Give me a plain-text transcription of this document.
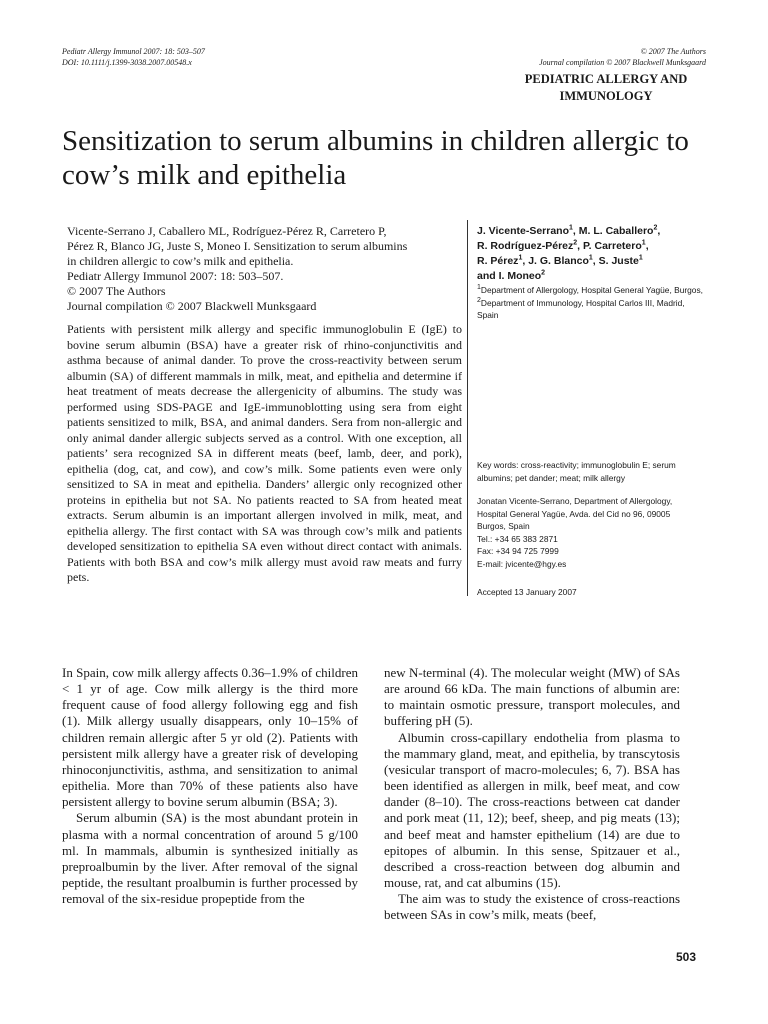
Pediatr Allergy Immunol 2007: 18: 503–507
DOI: 10.1111/j.1399-3038.2007.00548.x
© 2007 The Authors
Journal compilation © 2007 Blackwell Munksgaard
PEDIATRIC ALLERGY AND IMMUNOLOGY
Sensitization to serum albumins in children allergic to cow’s milk and epithelia
Vicente-Serrano J, Caballero ML, Rodríguez-Pérez R, Carretero P,
Pérez R, Blanco JG, Juste S, Moneo I. Sensitization to serum albumins
in children allergic to cow’s milk and epithelia.
Pediatr Allergy Immunol 2007: 18: 503–507.
© 2007 The Authors
Journal compilation © 2007 Blackwell Munksgaard

Patients with persistent milk allergy and specific immunoglobulin E (IgE) to bovine serum albumin (BSA) have a greater risk of rhino-conjunctivitis and asthma because of animal dander. To prove the cross-reactivity between serum albumin (SA) of different mammals in milk, meat, and epithelia and determine if heat treatment of meats decrease the allergenicity of albumins. The study was performed using SDS-PAGE and IgE-immunoblotting using sera from eight patients sensitized to milk, BSA, and animal danders. Sera from non-allergic and only animal dander allergic subjects served as a control. With one exception, all patients’ sera recognized SA in different meats (beef, lamb, deer, and pork), epithelia (dog, cat, and cow), and cow’s milk. Some patients even were only sensitized to SA in meat and epithelia. Danders’ allergic only recognized other proteins in epithelia but not SA. No patients reacted to SA from heated meat extracts. Serum albumin is an important allergen involved in milk, meat, and epithelia allergy. The first contact with SA was through cow’s milk and patients developed sensitization to epithelia SA even without direct contact with animals. Patients with both BSA and cow’s milk allergy must avoid raw meats and furry pets.

J. Vicente-Serrano$^1$, M. L. Caballero$^2$,
R. Rodríguez-Pérez$^2$, P. Carretero$^1$,
R. Pérez$^1$, J. G. Blanco$^1$, S. Juste$^1$
and I. Moneo$^2$
$^1$Department of Allergology, Hospital General Yagüe, Burgos, $^2$Department of Immunology, Hospital Carlos III, Madrid, Spain
Key words: cross-reactivity; immunoglobulin E; serum albumins; pet dander; meat; milk allergy
Jonatan Vicente-Serrano, Department of Allergology,
Hospital General Yagüe, Avda. del Cid no 96, 09005
Burgos, Spain
Tel.: +34 65 383 2871
Fax: +34 94 725 7999
E-mail: jvicente@hgy.es
Accepted 13 January 2007

In Spain, cow milk allergy affects 0.36–1.9% of children < 1 yr of age. Cow milk allergy is the third more frequent cause of food allergy following egg and fish (1). Milk allergy usually disappears, only 10–15% of children remain allergic after 5 yr old (2). Patients with persistent milk allergy have a greater risk of developing rhinoconjunctivitis, asthma, and sensitization to animal epithelia. More than 70% of these patients also have persistent allergy to bovine serum albumin (BSA; 3).

Serum albumin (SA) is the most abundant protein in plasma with a normal concentration of around 5 g/100 ml. In mammals, albumin is synthesized initially as preproalbumin by the liver. After removal of the signal peptide, the resultant proalbumin is further processed by removal of the six-residue propeptide from the

new N-terminal (4). The molecular weight (MW) of SAs are around 66 kDa. The main functions of albumin are: to maintain osmotic pressure, transport molecules, and buffering pH (5).

Albumin cross-capillary endothelia from plasma to the mammary gland, meat, and epithelia, by transcytosis (vesicular transport of macro-molecules; 6, 7). BSA has been identified as allergen in milk, beef meat, and cow dander (8–10). The cross-reactions between cat dander and pork meat (11, 12); beef, sheep, and pig meats (13); and beef meat and hamster epithelium (14) are due to epitopes of albumin. In this sense, Spitzauer et al., described a cross-reaction between dog albumin and mouse, rat, and cat albumins (15).

The aim was to study the existence of cross-reactions between SAs in cow’s milk, meats (beef,

503
